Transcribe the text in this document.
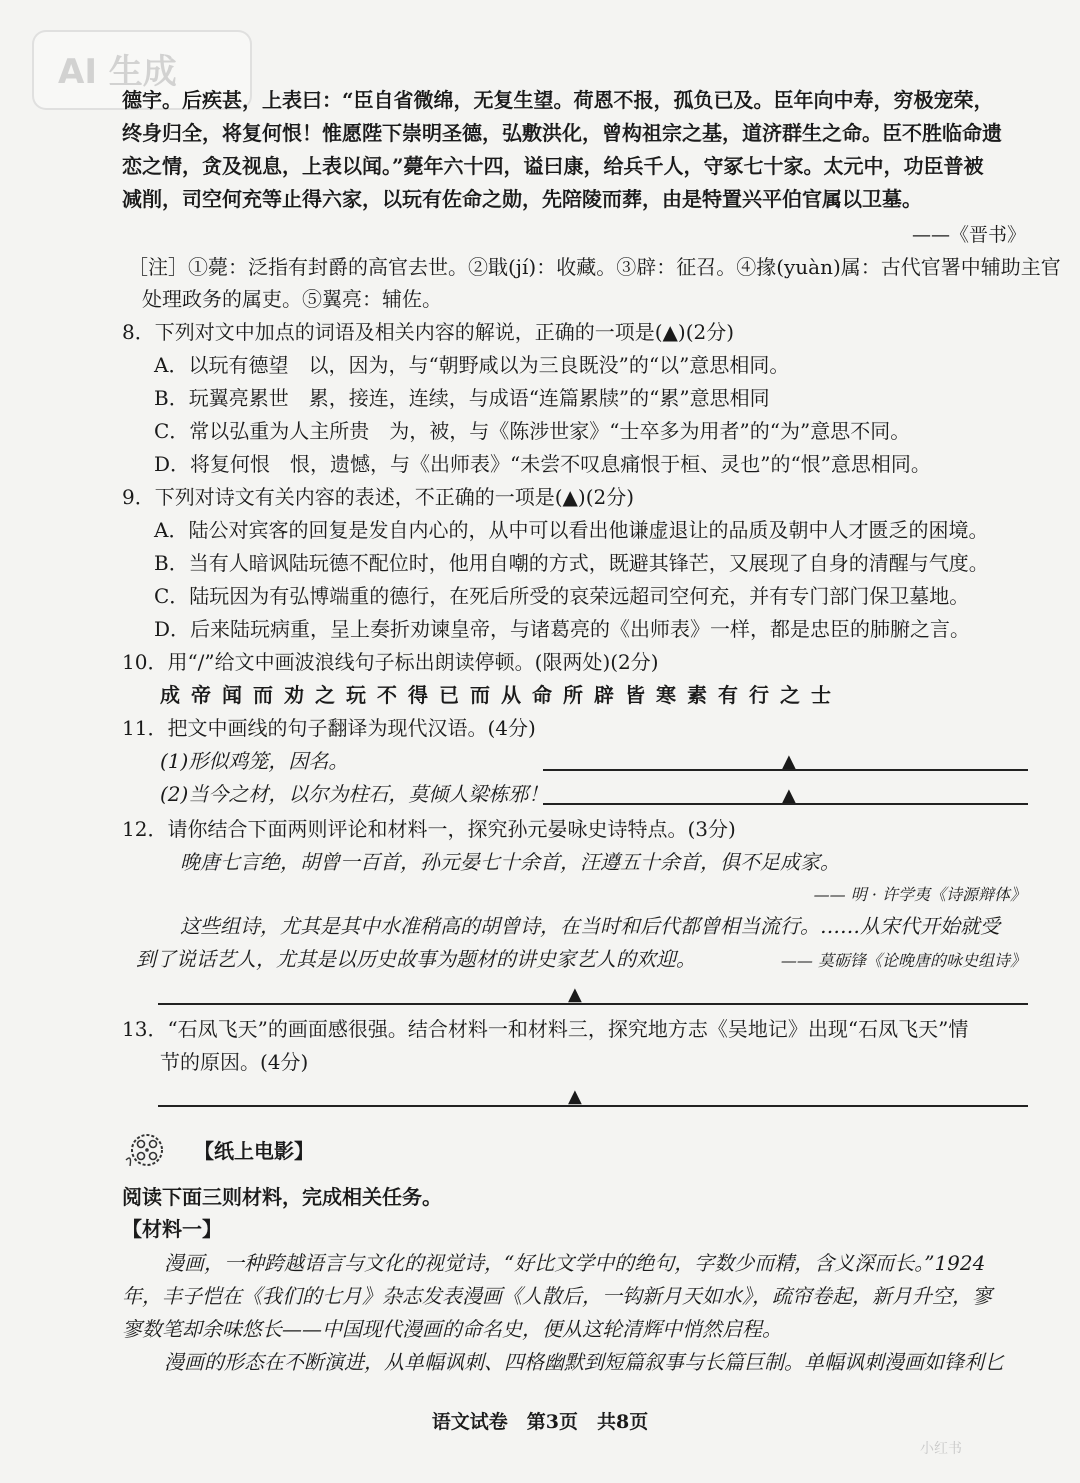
AI 生成
德宇。后疾甚，上表曰：“臣自省微绵，无复生望。荷恩不报，孤负已及。臣年向中寿，穷极宠荣，
终身归全，将复何恨！惟愿陛下崇明圣德，弘敷洪化，曾构祖宗之基，道济群生之命。臣不胜临命遗
恋之情，贪及视息，上表以闻。”薨年六十四，谥曰康，给兵千人，守冢七十家。太元中，功臣普被
减削，司空何充等止得六家，以玩有佐命之勋，先陪陵而葬，由是特置兴平伯官属以卫墓。
——《晋书》
［注］①薨：泛指有封爵的高官去世。②戢(jí)：收藏。③辟：征召。④掾(yuàn)属：古代官署中辅助主官
处理政务的属吏。⑤翼亮：辅佐。
8．下列对文中加点的词语及相关内容的解说，正确的一项是(▲)(2分)
A．以玩有德望　以，因为，与“朝野咸以为三良既没”的“以”意思相同。
B．玩翼亮累世　累，接连，连续，与成语“连篇累牍”的“累”意思相同
C．常以弘重为人主所贵　为，被，与《陈涉世家》“士卒多为用者”的“为”意思不同。
D．将复何恨　恨，遗憾，与《出师表》“未尝不叹息痛恨于桓、灵也”的“恨”意思相同。
9．下列对诗文有关内容的表述，不正确的一项是(▲)(2分)
A．陆公对宾客的回复是发自内心的，从中可以看出他谦虚退让的品质及朝中人才匮乏的困境。
B．当有人暗讽陆玩德不配位时，他用自嘲的方式，既避其锋芒，又展现了自身的清醒与气度。
C．陆玩因为有弘博端重的德行，在死后所受的哀荣远超司空何充，并有专门部门保卫墓地。
D．后来陆玩病重，呈上奏折劝谏皇帝，与诸葛亮的《出师表》一样，都是忠臣的肺腑之言。
10．用“/”给文中画波浪线句子标出朗读停顿。(限两处)(2分)
成帝闻而劝之玩不得已而从命所辟皆寒素有行之士
11．把文中画线的句子翻译为现代汉语。(4分)
(1)形似鸡笼，因名。	▲
(2)当今之材，以尔为柱石，莫倾人梁栋邪！	▲
12．请你结合下面两则评论和材料一，探究孙元晏咏史诗特点。(3分)
晚唐七言绝，胡曾一百首，孙元晏七十余首，汪遵五十余首，俱不足成家。
—— 明 · 许学夷《诗源辩体》
这些组诗，尤其是其中水准稍高的胡曾诗，在当时和后代都曾相当流行。……从宋代开始就受
到了说话艺人，尤其是以历史故事为题材的讲史家艺人的欢迎。	—— 莫砺锋《论晚唐的咏史组诗》
▲
13．“石凤飞天”的画面感很强。结合材料一和材料三，探究地方志《吴地记》出现“石凤飞天”情
节的原因。(4分)
▲
【纸上电影】
阅读下面三则材料，完成相关任务。
【材料一】
漫画，一种跨越语言与文化的视觉诗，“好比文学中的绝句，字数少而精，含义深而长。”1924
年，丰子恺在《我们的七月》杂志发表漫画《人散后，一钩新月天如水》，疏帘卷起，新月升空，寥
寥数笔却余味悠长——中国现代漫画的命名史，便从这轮清辉中悄然启程。
漫画的形态在不断演进，从单幅讽刺、四格幽默到短篇叙事与长篇巨制。单幅讽刺漫画如锋利匕
语文试卷　第3页　共8页
小红书
